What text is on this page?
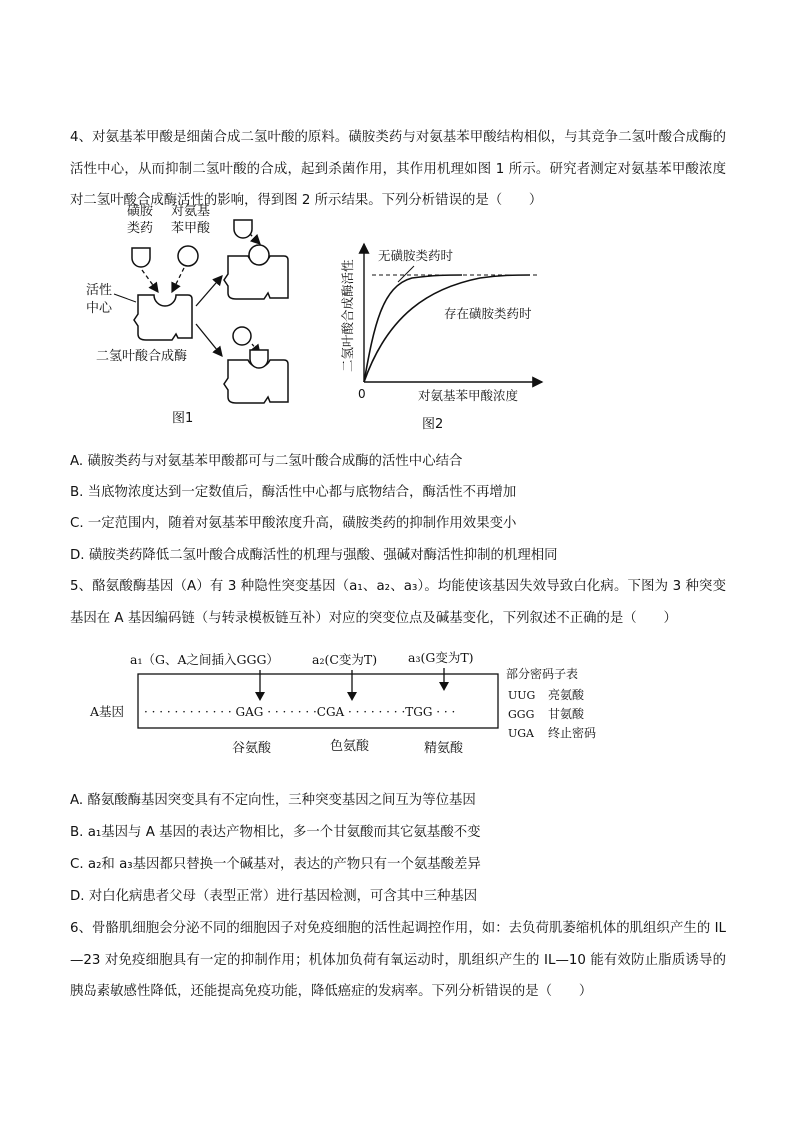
4、对氨基苯甲酸是细菌合成二氢叶酸的原料。磺胺类药与对氨基苯甲酸结构相似，与其竞争二氢叶酸合成酶的活性中心，从而抑制二氢叶酸的合成，起到杀菌作用，其作用机理如图 1 所示。研究者测定对氨基苯甲酸浓度对二氢叶酸合成酶活性的影响，得到图 2 所示结果。下列分析错误的是（　　）

磺胺
类药
对氨基
苯甲酸
活性
中心
二氢叶酸合成酶
图1
二氢叶酸合成酶活性
无磺胺类药时
存在磺胺类药时
0	对氨基苯甲酸浓度
图2

A. 磺胺类药与对氨基苯甲酸都可与二氢叶酸合成酶的活性中心结合

B. 当底物浓度达到一定数值后，酶活性中心都与底物结合，酶活性不再增加

C. 一定范围内，随着对氨基苯甲酸浓度升高，磺胺类药的抑制作用效果变小

D. 磺胺类药降低二氢叶酸合成酶活性的机理与强酸、强碱对酶活性抑制的机理相同

5、酪氨酸酶基因（A）有 3 种隐性突变基因（a₁、a₂、a₃）。均能使该基因失效导致白化病。下图为 3 种突变基因在 A 基因编码链（与转录模板链互补）对应的突变位点及碱基变化，下列叙述不正确的是（　　）

a₁（G、A之间插入GGG）	a₂(C变为T) a₃(G变为T)
A基因 · · · · · · · · · · · · GAG · · · · · · ·CGA · · · · · · · ·TGG · · ·
谷氨酸	色氨酸	精氨酸
部分密码子表
UUG 亮氨酸
GGG 甘氨酸
UGA 终止密码

A. 酪氨酸酶基因突变具有不定向性，三种突变基因之间互为等位基因

B. a₁基因与 A 基因的表达产物相比，多一个甘氨酸而其它氨基酸不变

C. a₂和 a₃基因都只替换一个碱基对，表达的产物只有一个氨基酸差异

D. 对白化病患者父母（表型正常）进行基因检测，可含其中三种基因

6、骨骼肌细胞会分泌不同的细胞因子对免疫细胞的活性起调控作用，如：去负荷肌萎缩机体的肌组织产生的 IL—23 对免疫细胞具有一定的抑制作用；机体加负荷有氧运动时，肌组织产生的 IL—10 能有效防止脂质诱导的胰岛素敏感性降低，还能提高免疫功能，降低癌症的发病率。下列分析错误的是（　　）
